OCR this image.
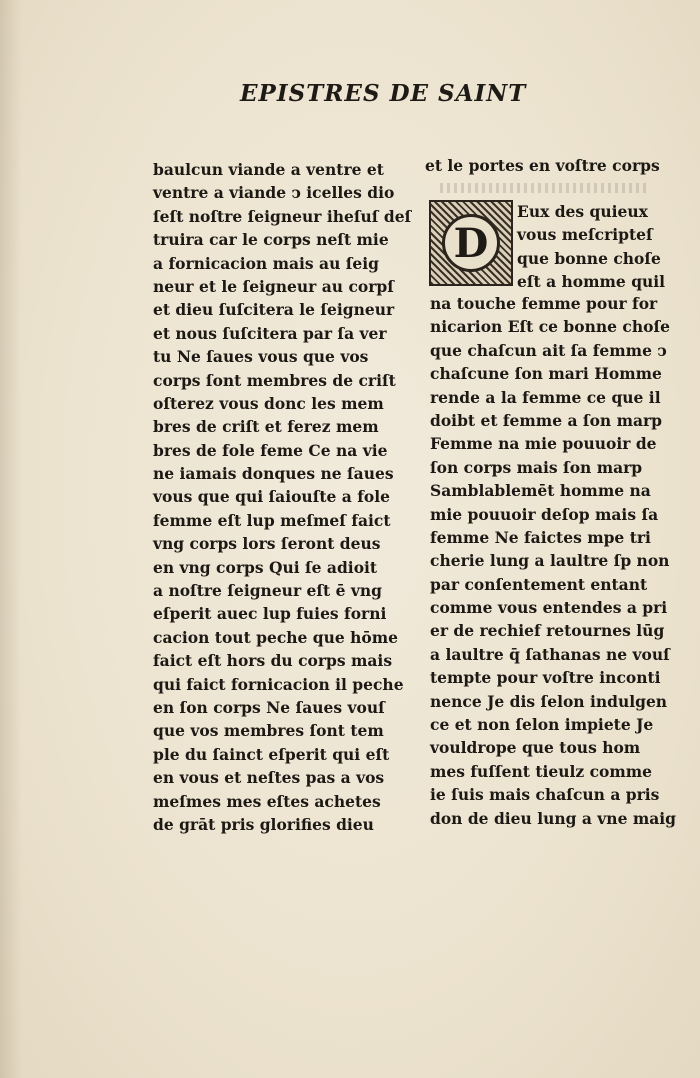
EPISTRES DE SAINT
baulcun viande a ventre et
ventre a viande ↄ icelles dio
ſeſt noſtre ſeigneur iheſuſ deſ
truira car le corps neſt mie
a fornicacion mais au ſeig
neur et le ſeigneur au corpſ
et dieu ſuſcitera le ſeigneur
et nous ſuſcitera par ſa ver
tu Ne ſaues vous que vos
corps ſont membres de criſt
oſterez vous donc les mem
bres de criſt et ferez mem
bres de fole feme Ce na vie
ne iamais donques ne ſaues
vous que qui ſaiouſte a fole
femme eſt lup meſmeſ faict
vng corps lors ſeront deus
en vng corps Qui ſe adioit
a noſtre ſeigneur eſt ē vng
eſperit auec lup fuies forni
cacion tout peche que hōme
faict eſt hors du corps mais
qui faict fornicacion il peche
en ſon corps Ne ſaues vouſ
que vos membres ſont tem
ple du ſainct eſperit qui eſt
en vous et neſtes pas a vos
meſmes mes eſtes achetes
de grāt pris glorifies dieu
et le portes en voſtre corps
D
Eux des quieux
vous meſcripteſ
que bonne choſe
eſt a homme quil
na touche femme pour for
nicarion Eſt ce bonne choſe
que chaſcun ait ſa femme ↄ
chaſcune ſon mari Homme
rende a la femme ce que il
doibt et femme a ſon marp
Femme na mie pouuoir de
ſon corps mais ſon marp
Samblablemēt homme na
mie pouuoir deſop mais ſa
femme Ne faictes mpe tri
cherie lung a laultre ſp non
par conſentement entant
comme vous entendes a pri
er de rechief retournes lūg
a laultre q̄ ſathanas ne vouſ
tempte pour voſtre inconti
nence Je dis ſelon indulgen
ce et non ſelon impiete Je
vouldrope que tous hom
mes fuſſent tieulz comme
ie ſuis mais chaſcun a pris
don de dieu lung a vne maig
